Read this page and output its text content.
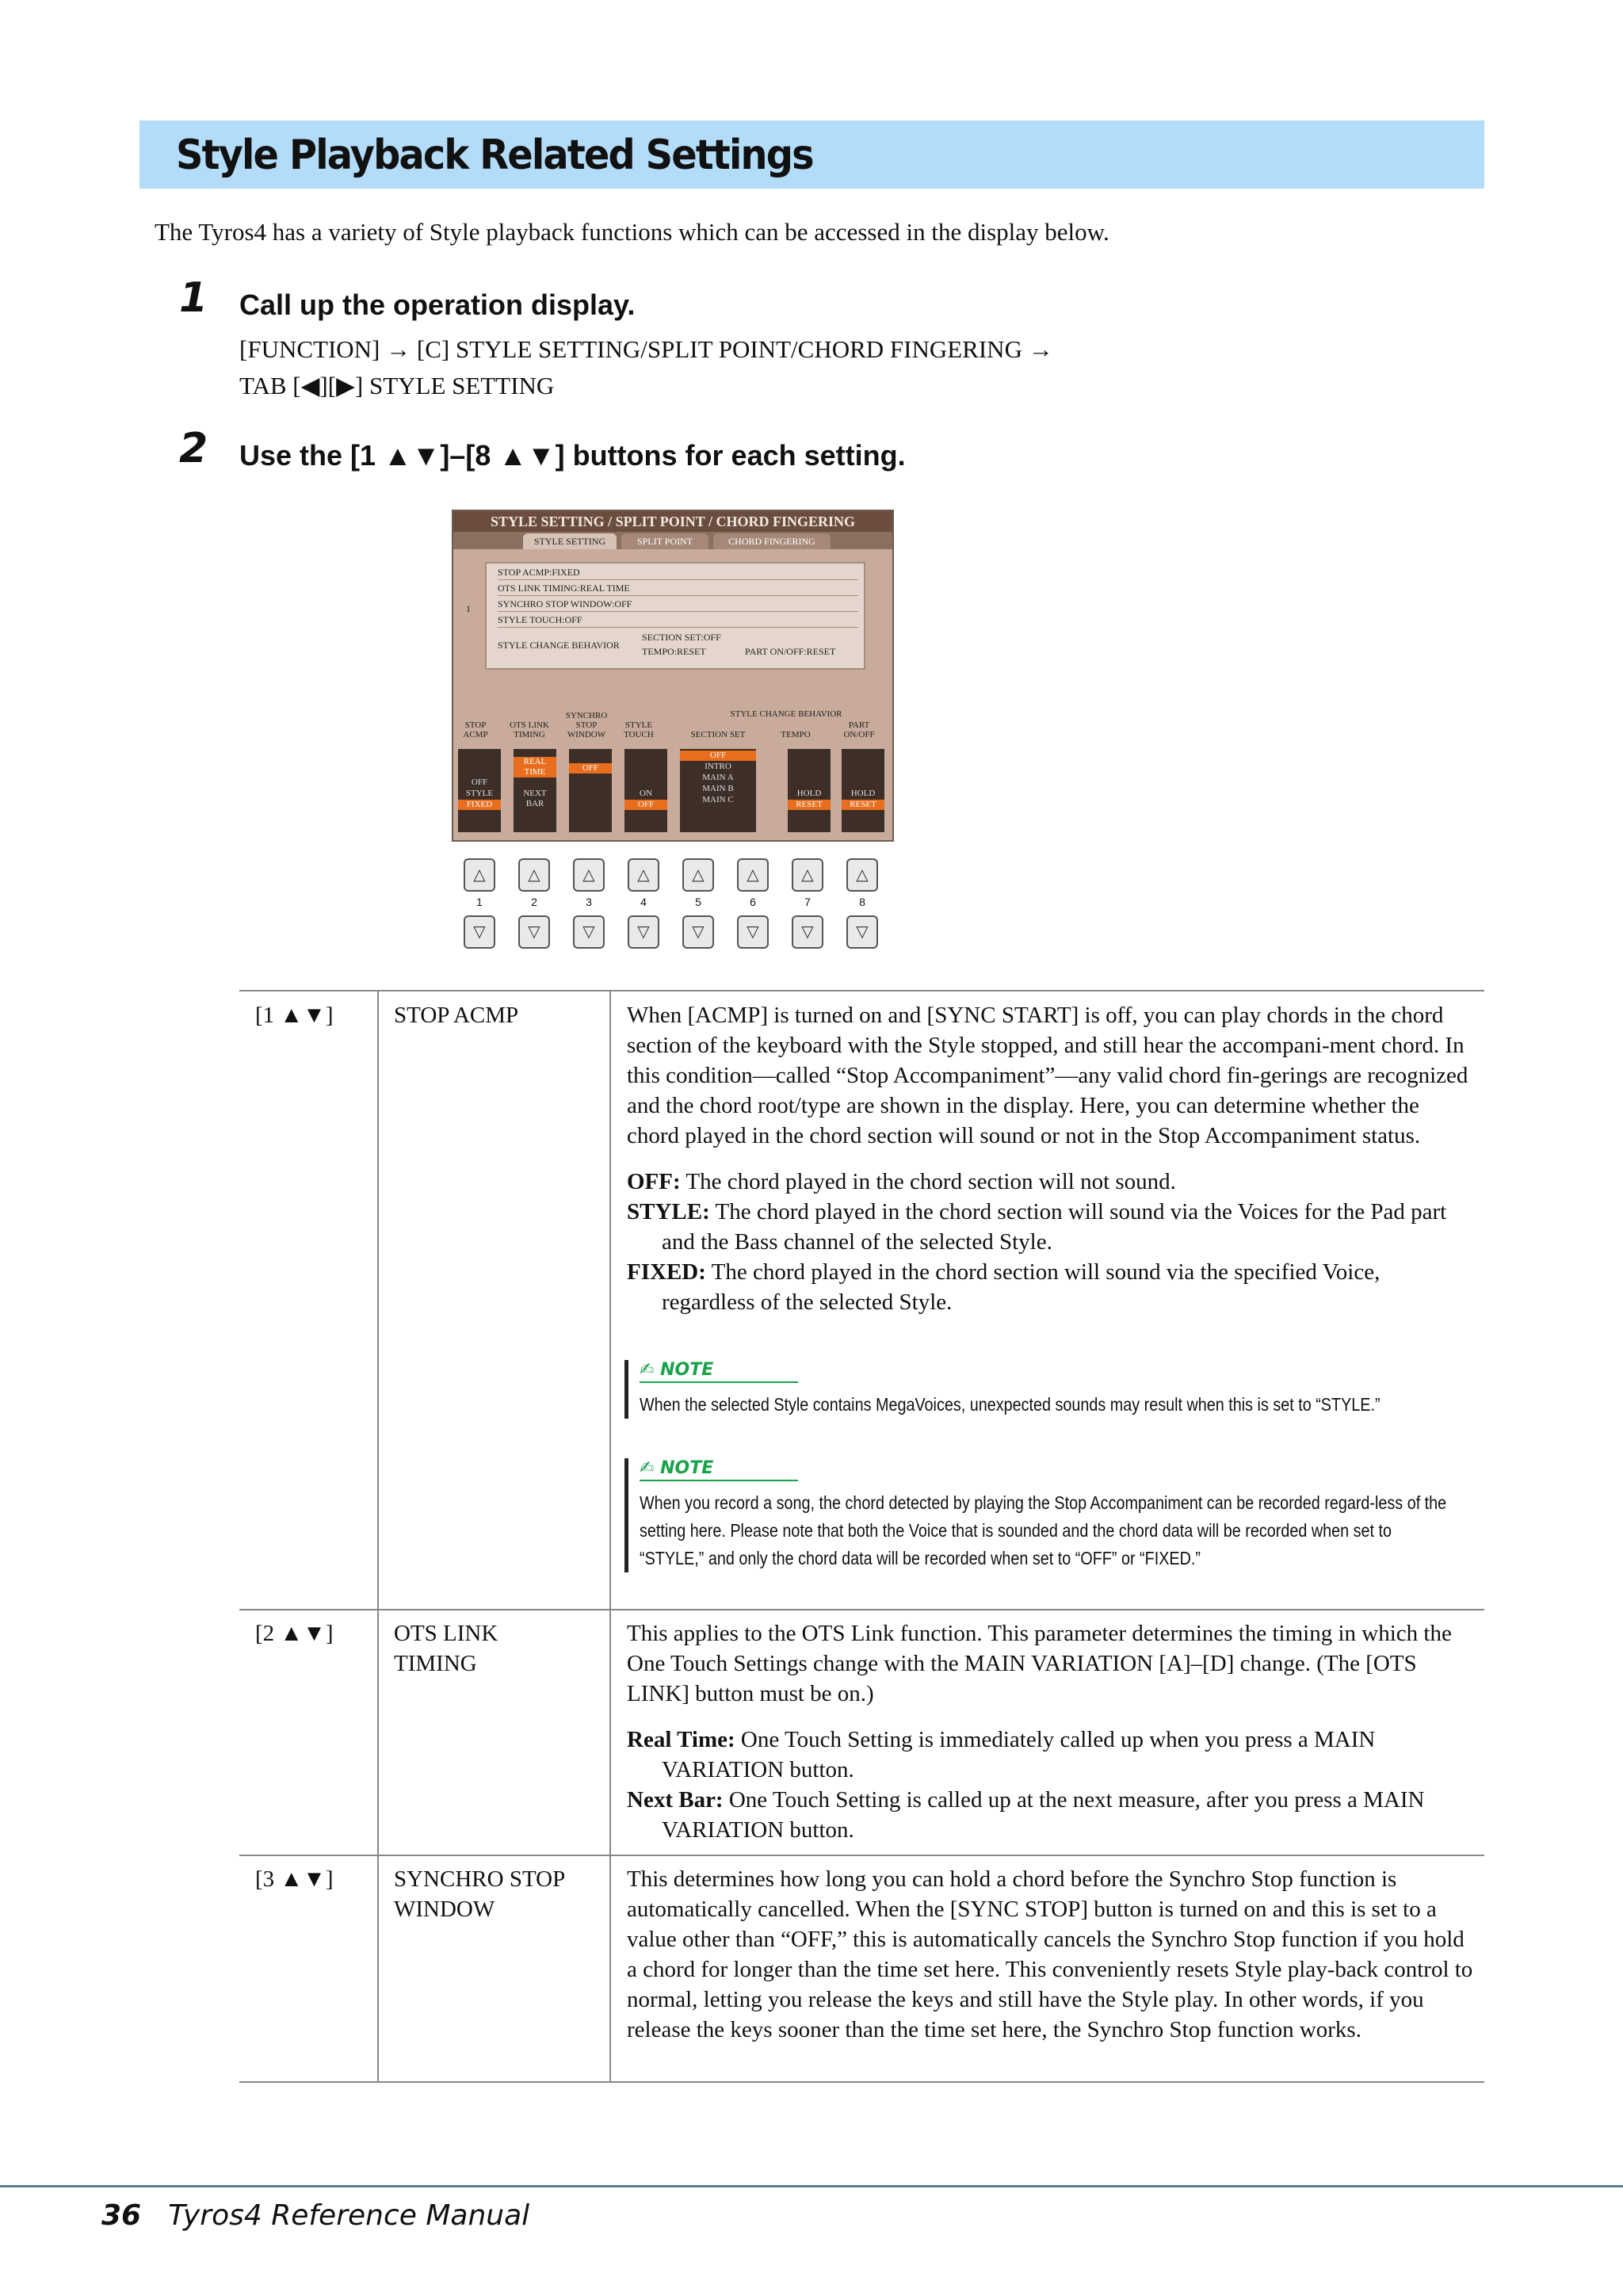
Style Playback Related Settings
The Tyros4 has a variety of Style playback functions which can be accessed in the display below.
1 Call up the operation display.
[FUNCTION] → [C] STYLE SETTING/SPLIT POINT/CHORD FINGERING →
TAB [◀][▶] STYLE SETTING
2 Use the [1 ▲▼]–[8 ▲▼] buttons for each setting.
STYLE SETTING / SPLIT POINT / CHORD FINGERING
STYLE SETTING	SPLIT POINT	CHORD FINGERING
1
STOP ACMP:FIXED
OTS LINK TIMING:REAL TIME
SYNCHRO STOP WINDOW:OFF
STYLE TOUCH:OFF
STYLE CHANGE BEHAVIOR
SECTION SET:OFF
TEMPO:RESET	PART ON/OFF:RESET
STYLE CHANGE BEHAVIOR
STOP ACMP
OTS LINK TIMING
SYNCHRO STOP WINDOW
STYLE TOUCH	SECTION SET	TEMPO
PART ON/OFF
OFF
STYLE
FIXED
REAL TIME
NEXT BAR
OFF
ON
OFF
OFF
INTRO
MAIN A
MAIN B
MAIN C
HOLD
RESET
HOLD
RESET
△	△	△	△	△	△	△	△
1	2	3	4	5	6	7	8
▽	▽	▽	▽	▽	▽	▽	▽
[1 ▲▼]	STOP ACMP	When [ACMP] is turned on and [SYNC START] is off, you can play chords in the chord section of the keyboard with the Style stopped, and still hear the accompani-ment chord. In this condition—called “Stop Accompaniment”—any valid chord fin-gerings are recognized and the chord root/type are shown in the display. Here, you can determine whether the chord played in the chord section will sound or not in the Stop Accompaniment status.

OFF: The chord played in the chord section will not sound.

STYLE: The chord played in the chord section will sound via the Voices for the Pad part and the Bass channel of the selected Style.

FIXED: The chord played in the chord section will sound via the specified Voice, regardless of the selected Style.

✍ NOTE
When the selected Style contains MegaVoices, unexpected sounds may result when this is set to “STYLE.”
✍ NOTE
When you record a song, the chord detected by playing the Stop Accompaniment can be recorded regard-less of the setting here. Please note that both the Voice that is sounded and the chord data will be recorded when set to “STYLE,” and only the chord data will be recorded when set to “OFF” or “FIXED.”
[2 ▲▼]	OTS LINK
TIMING

This applies to the OTS Link function. This parameter determines the timing in which the One Touch Settings change with the MAIN VARIATION [A]–[D] change. (The [OTS LINK] button must be on.)

Real Time: One Touch Setting is immediately called up when you press a MAIN VARIATION button.

Next Bar: One Touch Setting is called up at the next measure, after you press a MAIN VARIATION button.

[3 ▲▼]	SYNCHRO STOP
WINDOW

This determines how long you can hold a chord before the Synchro Stop function is automatically cancelled. When the [SYNC STOP] button is turned on and this is set to a value other than “OFF,” this is automatically cancels the Synchro Stop function if you hold a chord for longer than the time set here. This conveniently resets Style play-back control to normal, letting you release the keys and still have the Style play. In other words, if you release the keys sooner than the time set here, the Synchro Stop function works.

36 Tyros4 Reference Manual
